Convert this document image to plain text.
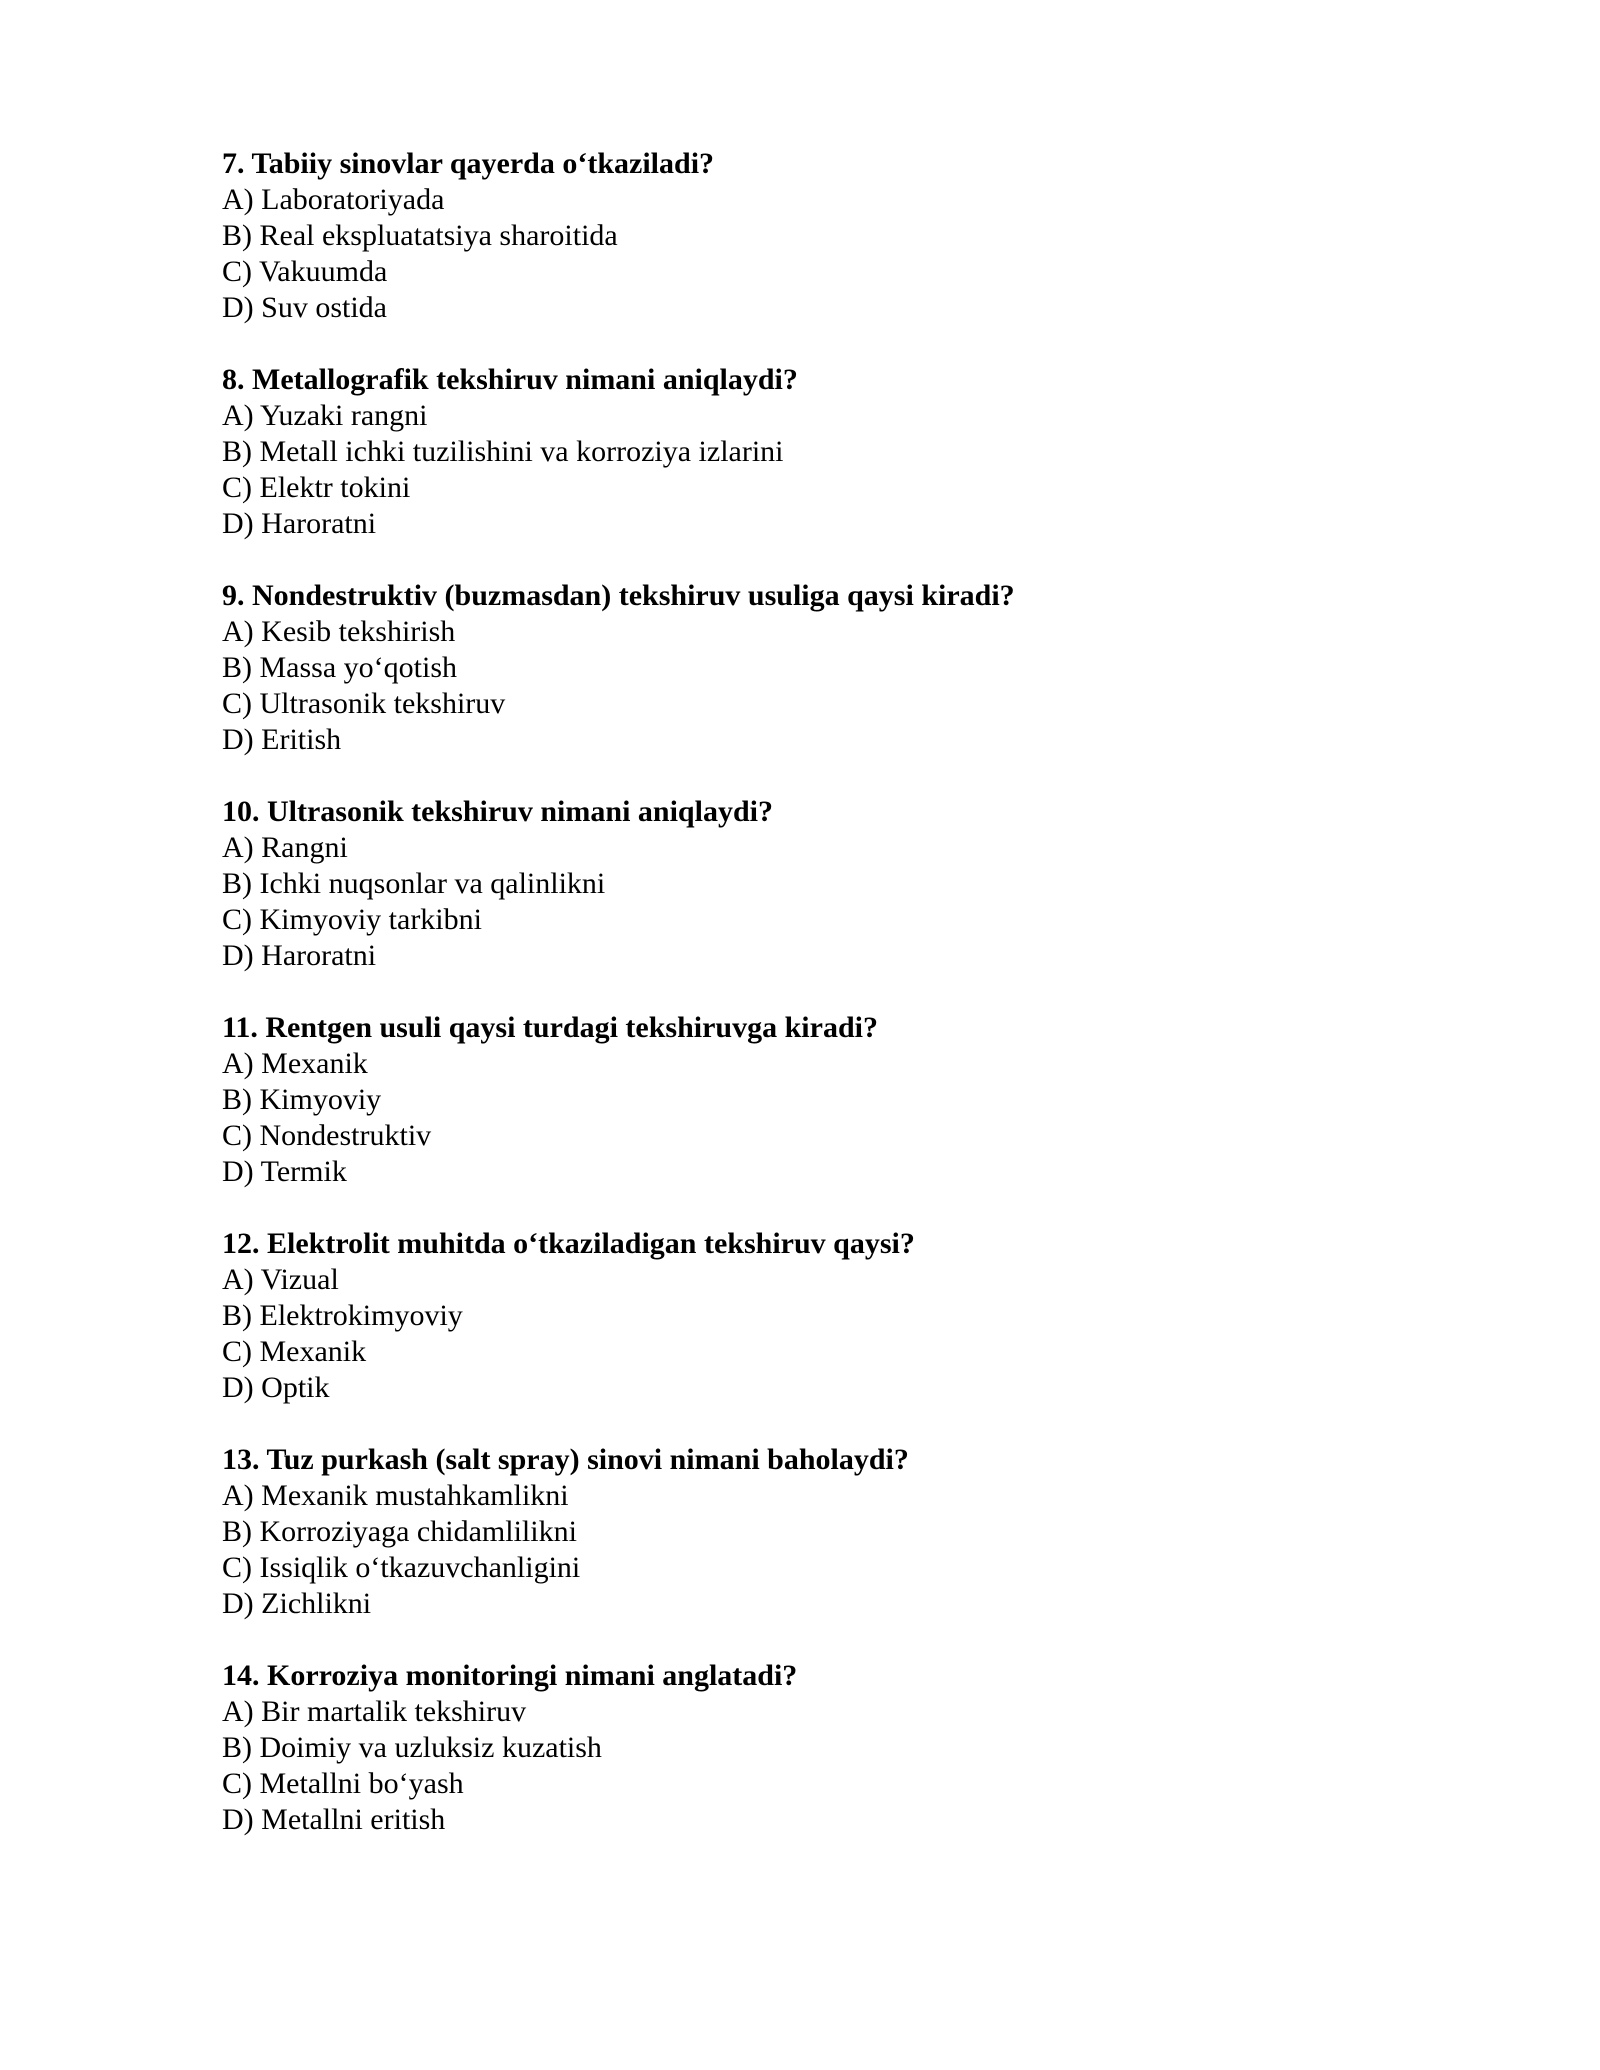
7. Tabiiy sinovlar qayerda o‘tkaziladi?
A) Laboratoriyada
B) Real ekspluatatsiya sharoitida
C) Vakuumda
D) Suv ostida
8. Metallografik tekshiruv nimani aniqlaydi?
A) Yuzaki rangni
B) Metall ichki tuzilishini va korroziya izlarini
C) Elektr tokini
D) Haroratni
9. Nondestruktiv (buzmasdan) tekshiruv usuliga qaysi kiradi?
A) Kesib tekshirish
B) Massa yo‘qotish
C) Ultrasonik tekshiruv
D) Eritish
10. Ultrasonik tekshiruv nimani aniqlaydi?
A) Rangni
B) Ichki nuqsonlar va qalinlikni
C) Kimyoviy tarkibni
D) Haroratni
11. Rentgen usuli qaysi turdagi tekshiruvga kiradi?
A) Mexanik
B) Kimyoviy
C) Nondestruktiv
D) Termik
12. Elektrolit muhitda o‘tkaziladigan tekshiruv qaysi?
A) Vizual
B) Elektrokimyoviy
C) Mexanik
D) Optik
13. Tuz purkash (salt spray) sinovi nimani baholaydi?
A) Mexanik mustahkamlikni
B) Korroziyaga chidamlilikni
C) Issiqlik o‘tkazuvchanligini
D) Zichlikni
14. Korroziya monitoringi nimani anglatadi?
A) Bir martalik tekshiruv
B) Doimiy va uzluksiz kuzatish
C) Metallni bo‘yash
D) Metallni eritish
